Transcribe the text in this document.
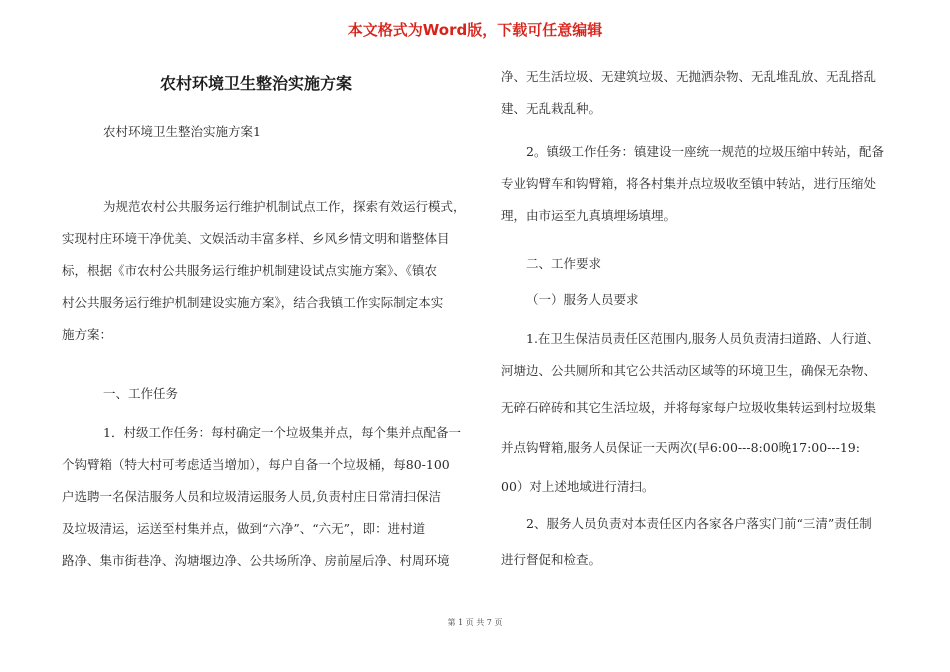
本文格式为Word版，下载可任意编辑
农村环境卫生整治实施方案
农村环境卫生整治实施方案1
为规范农村公共服务运行维护机制试点工作，探索有效运行模式，
实现村庄环境干净优美、文娱活动丰富多样、乡风乡情文明和谐整体目
标，根据《市农村公共服务运行维护机制建设试点实施方案》、《镇农
村公共服务运行维护机制建设实施方案》，结合我镇工作实际制定本实
施方案：
一、工作任务
1．村级工作任务：每村确定一个垃圾集并点，每个集并点配备一
个钩臂箱（特大村可考虑适当增加），每户自备一个垃圾桶，每80-100
户选聘一名保洁服务人员和垃圾清运服务人员,负责村庄日常清扫保洁
及垃圾清运，运送至村集并点，做到“六净”、“六无”，即：进村道
路净、集市街巷净、沟塘堰边净、公共场所净、房前屋后净、村周环境
净、无生活垃圾、无建筑垃圾、无抛洒杂物、无乱堆乱放、无乱搭乱
建、无乱栽乱种。
2。镇级工作任务：镇建设一座统一规范的垃圾压缩中转站，配备
专业钩臂车和钩臂箱，将各村集并点垃圾收至镇中转站，进行压缩处
理，由市运至九真填埋场填埋。
二、工作要求
（一）服务人员要求
1.在卫生保洁员责任区范围内,服务人员负责清扫道路、人行道、
河塘边、公共厕所和其它公共活动区域等的环境卫生，确保无杂物、
无碎石碎砖和其它生活垃圾，并将每家每户垃圾收集转运到村垃圾集
并点钩臂箱,服务人员保证一天两次(早6:00---8:00晚17:00---19:
00）对上述地域进行清扫。
2、服务人员负责对本责任区内各家各户落实门前“三清”责任制
进行督促和检查。
第 1 页 共 7 页
